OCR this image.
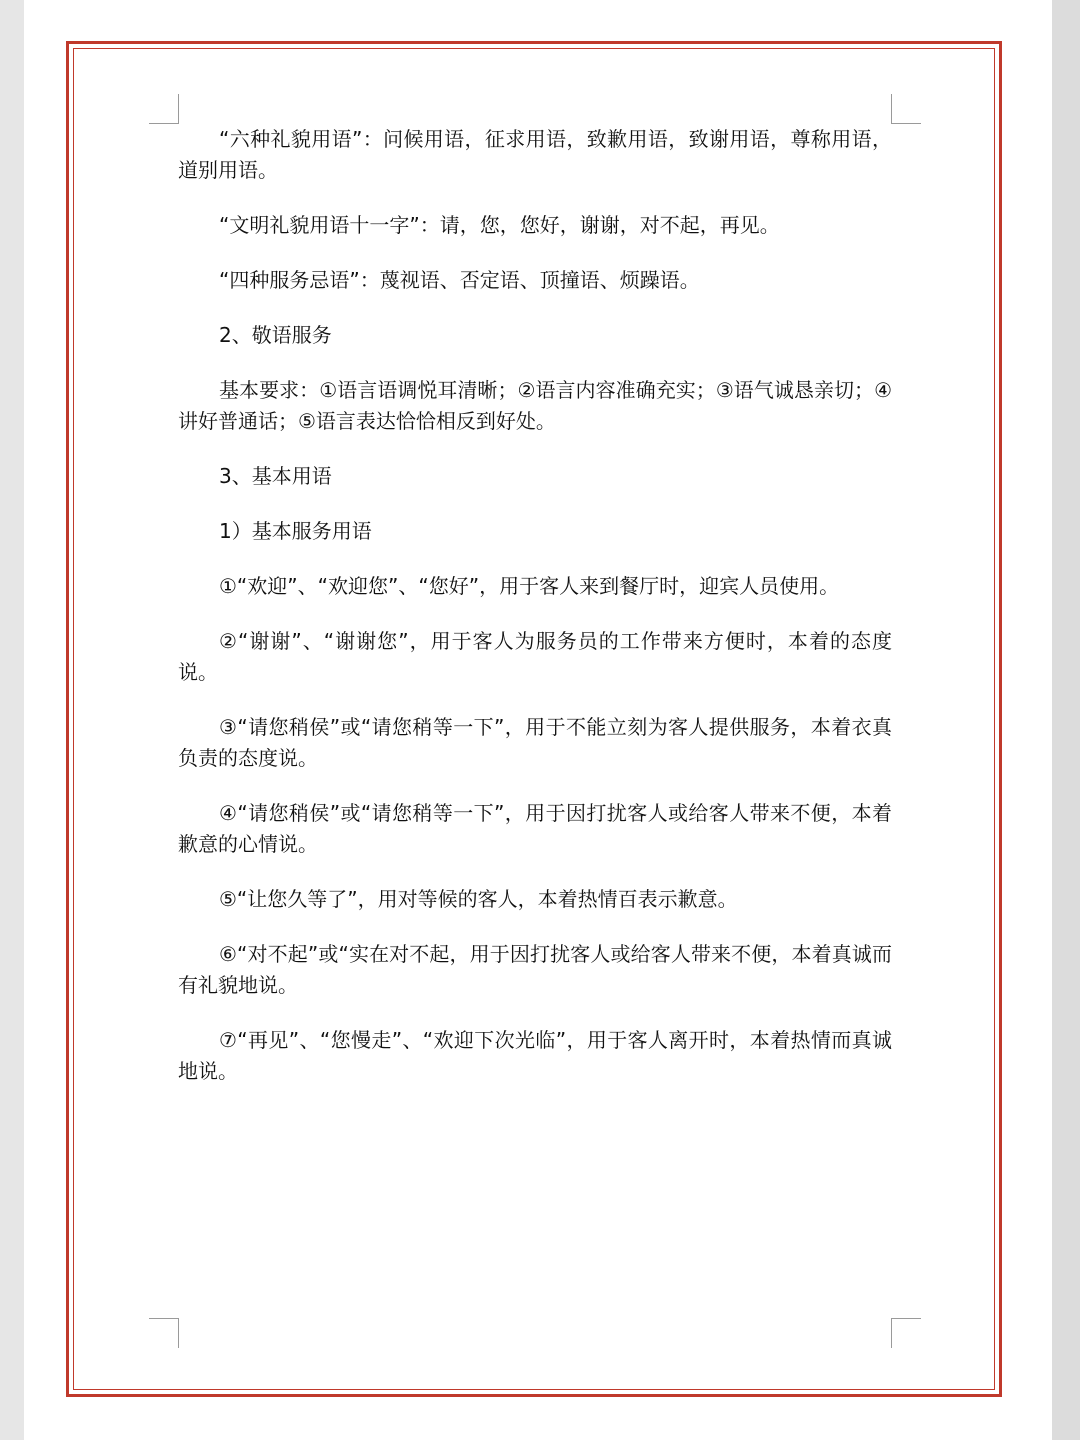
“六种礼貌用语”：问候用语，征求用语，致歉用语，致谢用语，尊称用语，道别用语。

“文明礼貌用语十一字”：请，您，您好，谢谢，对不起，再见。

“四种服务忌语”：蔑视语、否定语、顶撞语、烦躁语。

2、敬语服务

基本要求：①语言语调悦耳清晰；②语言内容准确充实；③语气诚恳亲切；④讲好普通话；⑤语言表达恰恰相反到好处。

3、基本用语

1）基本服务用语

①“欢迎”、“欢迎您”、“您好”，用于客人来到餐厅时，迎宾人员使用。

②“谢谢”、“谢谢您”，用于客人为服务员的工作带来方便时，本着的态度说。

③“请您稍侯”或“请您稍等一下”，用于不能立刻为客人提供服务，本着衣真负责的态度说。

④“请您稍侯”或“请您稍等一下”，用于因打扰客人或给客人带来不便，本着歉意的心情说。

⑤“让您久等了”，用对等候的客人，本着热情百表示歉意。

⑥“对不起”或“实在对不起，用于因打扰客人或给客人带来不便，本着真诚而有礼貌地说。

⑦“再见”、“您慢走”、“欢迎下次光临”，用于客人离开时，本着热情而真诚地说。
